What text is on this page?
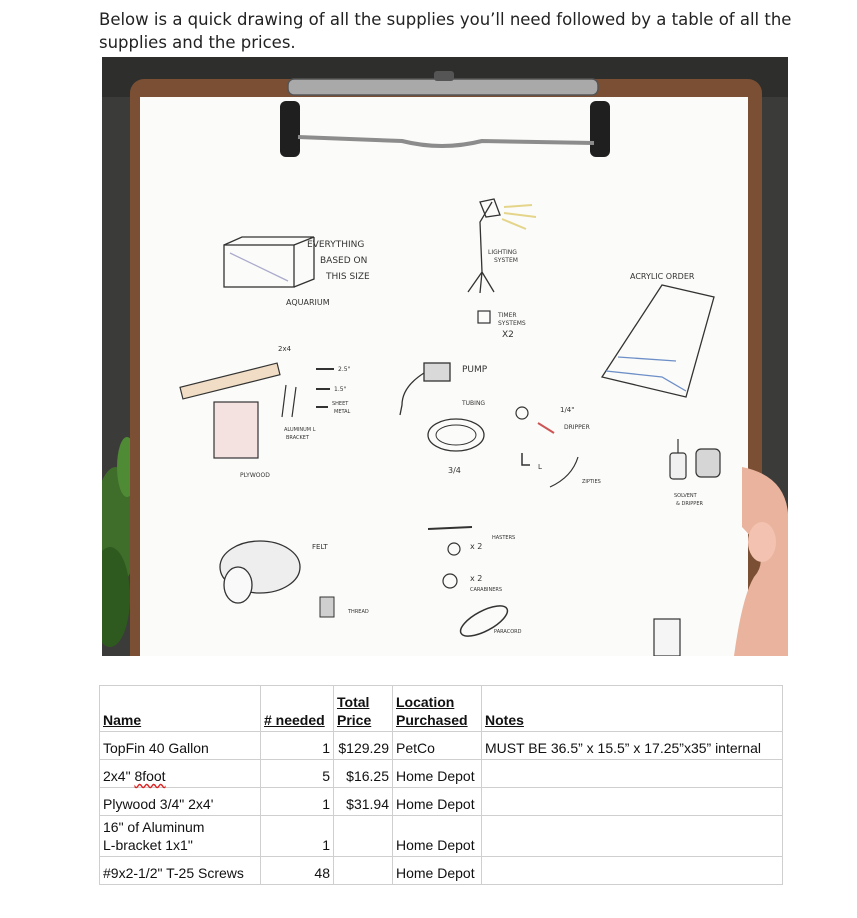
Below is a quick drawing of all the supplies you’ll need followed by a table of all the supplies and the prices.

EVERYTHING
BASED ON
THIS SIZE
AQUARIUM
LIGHTING
SYSTEM
TIMER
SYSTEMS
X2
ACRYLIC ORDER
2x4
2.5"
1.5"
SHEET
METAL
ALUMINUM L
BRACKET
PLYWOOD
PUMP
TUBING
3/4
1/4"
DRIPPER
L
ZIPTIES
SOLVENT
& DRIPPER
FELT
THREAD
x 2
HASTERS
x 2
CARABINERS
PARACORD
Name	# needed	Total Price	Location Purchased	Notes
TopFin 40 Gallon	1	$129.29	PetCo	MUST BE 36.5” x 15.5” x 17.25”x35” internal
2x4" 8foot	5	$16.25	Home Depot	
Plywood 3/4" 2x4'	1	$31.94	Home Depot	
16" of Aluminum
L-bracket 1x1"	1		Home Depot	
#9x2-1/2" T-25 Screws	48		Home Depot	
